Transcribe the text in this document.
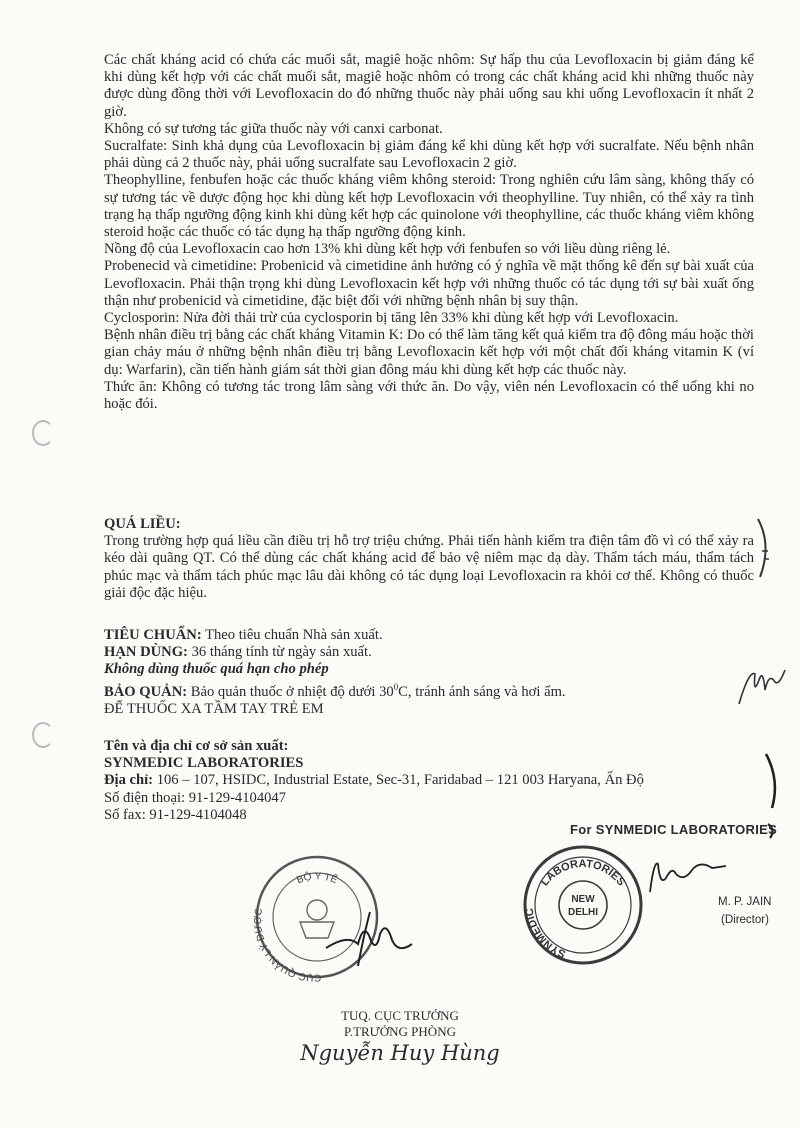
Các chất kháng acid có chứa các muối sắt, magiê hoặc nhôm: Sự hấp thu của Levofloxacin bị giảm đáng kể khi dùng kết hợp với các chất muối sắt, magiê hoặc nhôm có trong các chất kháng acid khi những thuốc này được dùng đồng thời với Levofloxacin do đó những thuốc này phải uống sau khi uống Levofloxacin ít nhất 2 giờ.

Không có sự tương tác giữa thuốc này với canxi carbonat.

Sucralfate: Sinh khả dụng của Levofloxacin bị giảm đáng kể khi dùng kết hợp với sucralfate. Nếu bệnh nhân phải dùng cả 2 thuốc này, phải uống sucralfate sau Levofloxacin 2 giờ.

Theophylline, fenbufen hoặc các thuốc kháng viêm không steroid: Trong nghiên cứu lâm sàng, không thấy có sự tương tác về dược động học khi dùng kết hợp Levofloxacin với theophylline. Tuy nhiên, có thể xảy ra tình trạng hạ thấp ngưỡng động kinh khi dùng kết hợp các quinolone với theophylline, các thuốc kháng viêm không steroid hoặc các thuốc có tác dụng hạ thấp ngưỡng động kinh.

Nồng độ của Levofloxacin cao hơn 13% khi dùng kết hợp với fenbufen so với liều dùng riêng lẻ.

Probenecid và cimetidine: Probenicid và cimetidine ảnh hưởng có ý nghĩa về mặt thống kê đến sự bài xuất của Levofloxacin. Phải thận trọng khi dùng Levofloxacin kết hợp với những thuốc có tác dụng tới sự bài xuất ống thận như probenicid và cimetidine, đặc biệt đối với những bệnh nhân bị suy thận.

Cyclosporin: Nửa đời thải trừ của cyclosporin bị tăng lên 33% khi dùng kết hợp với Levofloxacin.

Bệnh nhân điều trị bằng các chất kháng Vitamin K: Do có thể làm tăng kết quả kiểm tra độ đông máu hoặc thời gian chảy máu ở những bệnh nhân điều trị bằng Levofloxacin kết hợp với một chất đối kháng vitamin K (ví dụ: Warfarin), cần tiến hành giám sát thời gian đông máu khi dùng kết hợp các thuốc này.

Thức ăn: Không có tương tác trong lâm sàng với thức ăn. Do vậy, viên nén Levofloxacin có thể uống khi no hoặc đói.

QUÁ LIỀU:

Trong trường hợp quá liều cần điều trị hỗ trợ triệu chứng. Phải tiến hành kiểm tra điện tâm đồ vì có thể xảy ra kéo dài quãng QT. Có thể dùng các chất kháng acid để bảo vệ niêm mạc dạ dày. Thẩm tách máu, thẩm tách phúc mạc và thẩm tách phúc mạc lâu dài không có tác dụng loại Levofloxacin ra khỏi cơ thể. Không có thuốc giải độc đặc hiệu.

TIÊU CHUẨN: Theo tiêu chuẩn Nhà sản xuất.

HẠN DÙNG: 36 tháng tính từ ngày sản xuất.

Không dùng thuốc quá hạn cho phép

BẢO QUẢN: Bảo quản thuốc ở nhiệt độ dưới $30^0C$, tránh ánh sáng và hơi ẩm.

ĐỂ THUỐC XA TẦM TAY TRẺ EM

Tên và địa chỉ cơ sở sản xuất:

SYNMEDIC LABORATORIES

Địa chỉ: 106 – 107, HSIDC, Industrial Estate, Sec-31, Faridabad – 121 003 Haryana, Ấn Độ

Số điện thoại: 91-129-4104047

Số fax: 91-129-4104048

For SYNMEDIC LABORATORIES
LABORATORIES
SYNMEDIC
NEW
DELHI
M. P. JAIN
(Director)
BỘ Y TẾ
CỤC QUẢN LÝ DƯỢC
TUQ. CỤC TRƯỞNG
P.TRƯỞNG PHÒNG
Nguyễn Huy Hùng
